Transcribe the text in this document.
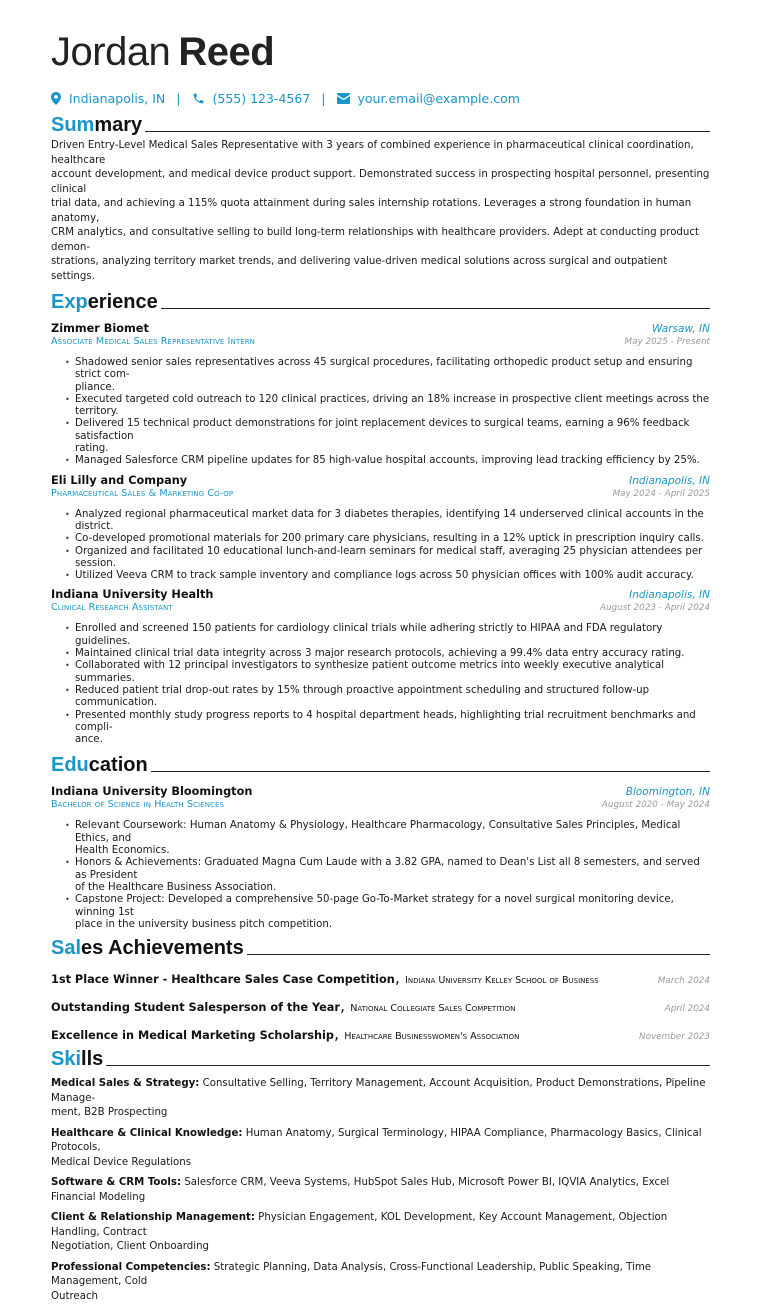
Jordan Reed
Indianapolis, IN |	(555) 123-4567 |	your.email@example.com
Sum mary
Driven Entry-Level Medical Sales Representative with 3 years of combined experience in pharmaceutical clinical coordination, healthcare
account development, and medical device product support. Demonstrated success in prospecting hospital personnel, presenting clinical
trial data, and achieving a 115% quota attainment during sales internship rotations. Leverages a strong foundation in human anatomy,
CRM analytics, and consultative selling to build long-term relationships with healthcare providers. Adept at conducting product demon-
strations, analyzing territory market trends, and delivering value-driven medical solutions across surgical and outpatient settings.
Exp erience
Zimmer Biomet	Warsaw, IN
Associate Medical Sales Representative Intern	May 2025 - Present
• Shadowed senior sales representatives across 45 surgical procedures, facilitating orthopedic product setup and ensuring strict com-
pliance.
• Executed targeted cold outreach to 120 clinical practices, driving an 18% increase in prospective client meetings across the territory.
• Delivered 15 technical product demonstrations for joint replacement devices to surgical teams, earning a 96% feedback satisfaction
rating.
• Managed Salesforce CRM pipeline updates for 85 high-value hospital accounts, improving lead tracking efficiency by 25%.
Eli Lilly and Company	Indianapolis, IN
Pharmaceutical Sales & Marketing Co-op	May 2024 - April 2025
• Analyzed regional pharmaceutical market data for 3 diabetes therapies, identifying 14 underserved clinical accounts in the district.
• Co-developed promotional materials for 200 primary care physicians, resulting in a 12% uptick in prescription inquiry calls.
• Organized and facilitated 10 educational lunch-and-learn seminars for medical staff, averaging 25 physician attendees per session.
• Utilized Veeva CRM to track sample inventory and compliance logs across 50 physician offices with 100% audit accuracy.
Indiana University Health	Indianapolis, IN
Clinical Research Assistant	August 2023 - April 2024
• Enrolled and screened 150 patients for cardiology clinical trials while adhering strictly to HIPAA and FDA regulatory guidelines.
• Maintained clinical trial data integrity across 3 major research protocols, achieving a 99.4% data entry accuracy rating.
• Collaborated with 12 principal investigators to synthesize patient outcome metrics into weekly executive analytical summaries.
• Reduced patient trial drop-out rates by 15% through proactive appointment scheduling and structured follow-up communication.
• Presented monthly study progress reports to 4 hospital department heads, highlighting trial recruitment benchmarks and compli-
ance.
Edu cation
Indiana University Bloomington	Bloomington, IN
Bachelor of Science in Health Sciences	August 2020 - May 2024
• Relevant Coursework: Human Anatomy & Physiology, Healthcare Pharmacology, Consultative Sales Principles, Medical Ethics, and
Health Economics.
• Honors & Achievements: Graduated Magna Cum Laude with a 3.82 GPA, named to Dean's List all 8 semesters, and served as President
of the Healthcare Business Association.
• Capstone Project: Developed a comprehensive 50-page Go-To-Market strategy for a novel surgical monitoring device, winning 1st
place in the university business pitch competition.
Sal es Achievements
1st Place Winner - Healthcare Sales Case Competition, Indiana University Kelley School of Business	March 2024
Outstanding Student Salesperson of the Year, National Collegiate Sales Competition	April 2024
Excellence in Medical Marketing Scholarship, Healthcare Businesswomen's Association	November 2023
Ski lls
Medical Sales & Strategy: Consultative Selling, Territory Management, Account Acquisition, Product Demonstrations, Pipeline Manage-
ment, B2B Prospecting
Healthcare & Clinical Knowledge: Human Anatomy, Surgical Terminology, HIPAA Compliance, Pharmacology Basics, Clinical Protocols,
Medical Device Regulations
Software & CRM Tools: Salesforce CRM, Veeva Systems, HubSpot Sales Hub, Microsoft Power BI, IQVIA Analytics, Excel Financial Modeling
Client & Relationship Management: Physician Engagement, KOL Development, Key Account Management, Objection Handling, Contract
Negotiation, Client Onboarding
Professional Competencies: Strategic Planning, Data Analysis, Cross-Functional Leadership, Public Speaking, Time Management, Cold
Outreach
